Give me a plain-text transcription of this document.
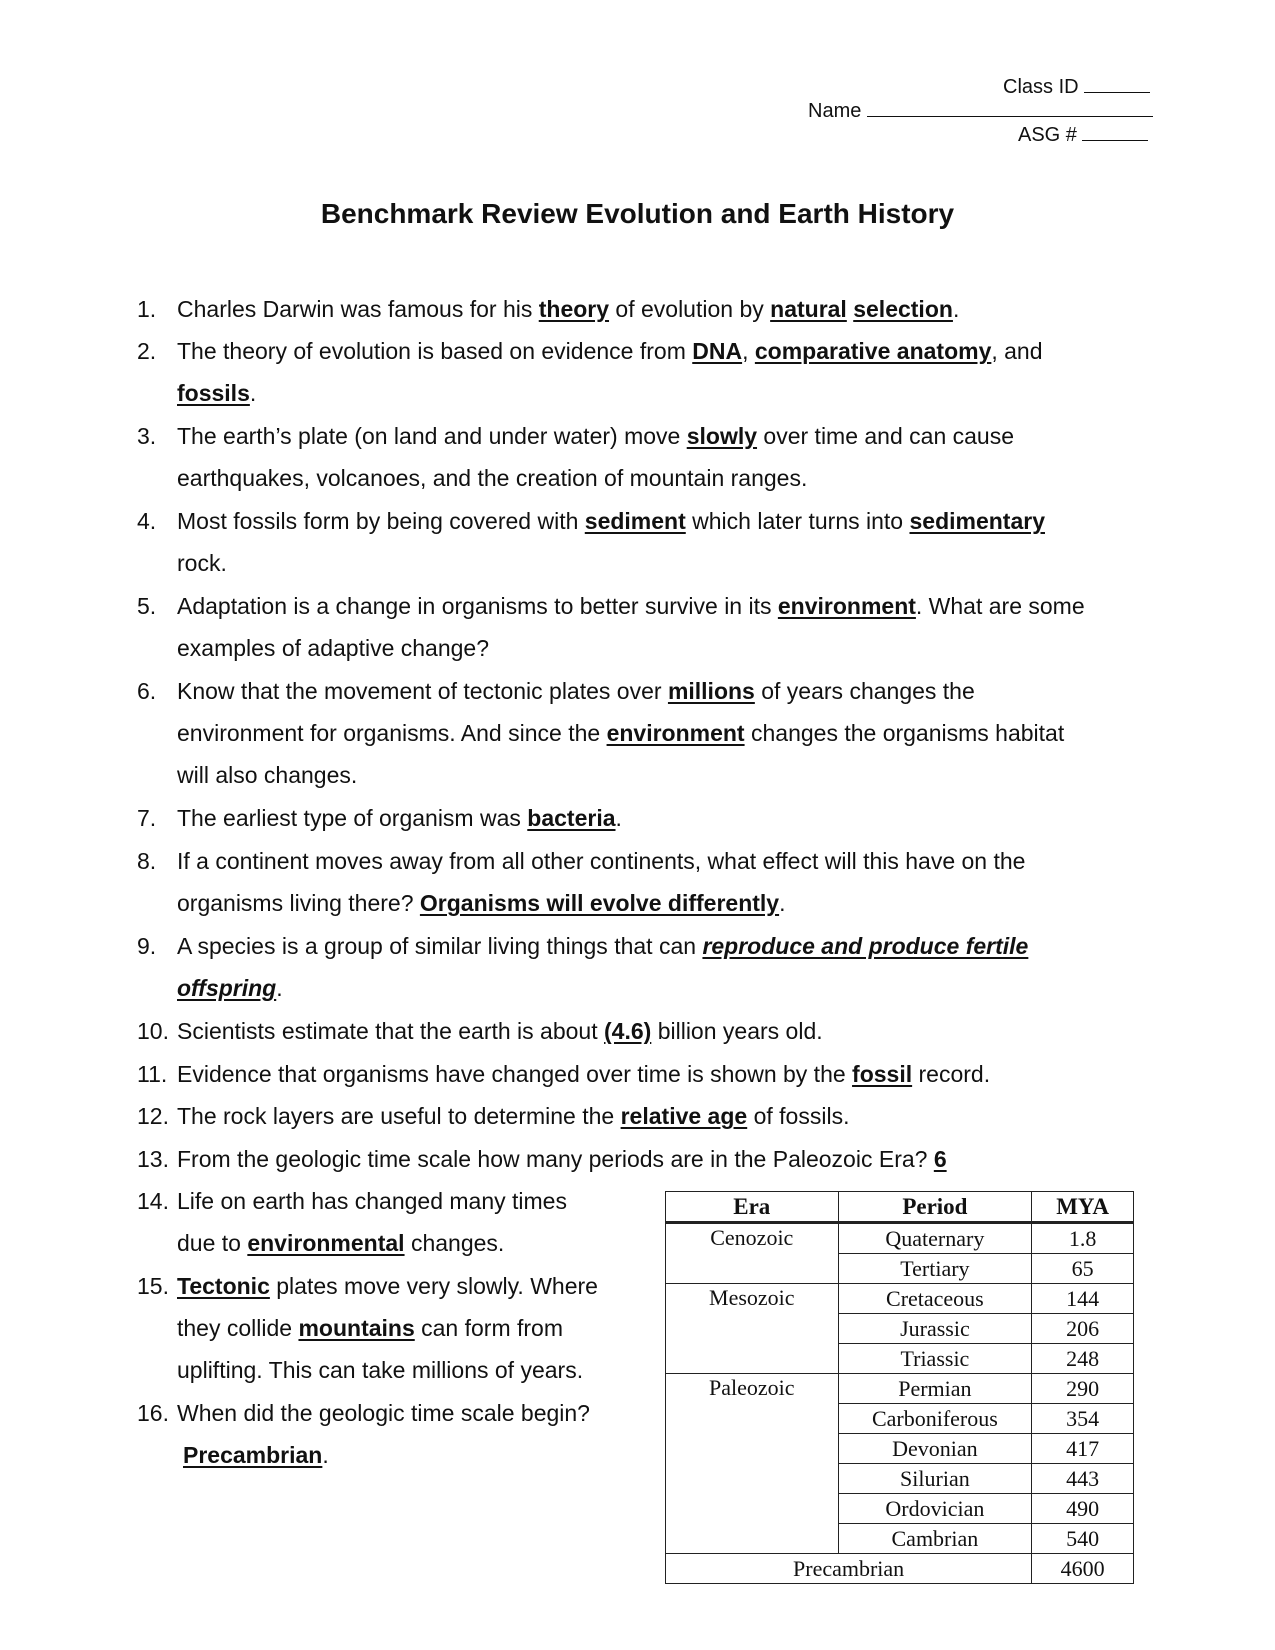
Class ID
Name
ASG #
Benchmark Review Evolution and Earth History
1. Charles Darwin was famous for his theory of evolution by natural selection.
2. The theory of evolution is based on evidence from DNA, comparative anatomy, and
fossils.
3. The earth’s plate (on land and under water) move slowly over time and can cause
earthquakes, volcanoes, and the creation of mountain ranges.
4. Most fossils form by being covered with sediment which later turns into sedimentary
rock.
5. Adaptation is a change in organisms to better survive in its environment. What are some
examples of adaptive change?
6. Know that the movement of tectonic plates over millions of years changes the
environment for organisms. And since the environment changes the organisms habitat
will also changes.
7. The earliest type of organism was bacteria.
8. If a continent moves away from all other continents, what effect will this have on the
organisms living there? Organisms will evolve differently.
9. A species is a group of similar living things that can reproduce and produce fertile
offspring.
10. Scientists estimate that the earth is about (4.6) billion years old.
11. Evidence that organisms have changed over time is shown by the fossil record.
12. The rock layers are useful to determine the relative age of fossils.
13. From the geologic time scale how many periods are in the Paleozoic Era? 6
14. Life on earth has changed many times
due to environmental changes.
15. Tectonic plates move very slowly. Where
they collide mountains can form from
uplifting. This can take millions of years.
16. When did the geologic time scale begin?
Precambrian.
Era	Period	MYA
Cenozoic	Quaternary	1.8
	Tertiary	65
Mesozoic	Cretaceous	144
	Jurassic	206
	Triassic	248
Paleozoic	Permian	290
	Carboniferous	354
	Devonian	417
	Silurian	443
	Ordovician	490
	Cambrian	540
Precambrian		4600
